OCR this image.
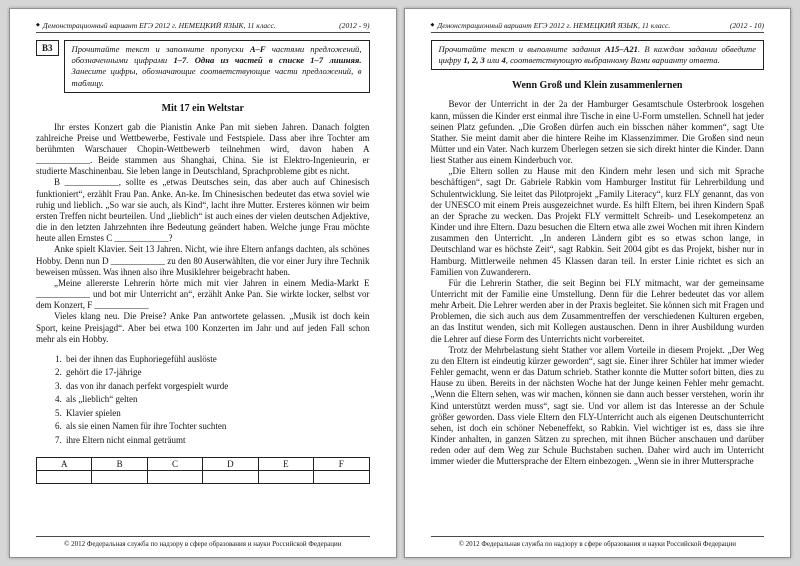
◆ Демонстрационный вариант ЕГЭ 2012 г. НЕМЕЦКИЙ ЯЗЫК, 11 класс.	(2012 - 9)
В3	Прочитайте текст и заполните пропуски A–F частями предложений, обозначенными цифрами 1–7. Одна из частей в списке 1–7 лишняя. Занесите цифры, обозначающие соответствующие части предложений, в таблицу.
Mit 17 ein Weltstar

Ihr erstes Konzert gab die Pianistin Anke Pan mit sieben Jahren. Danach folgten zahlreiche Preise und Wettbewerbe, Festivale und Festspiele. Dass aber ihre Tochter am berühmten Warschauer Chopin-Wettbewerb teilnehmen wird, davon haben A ____________. Beide stammen aus Shanghai, China. Sie ist Elektro-Ingenieurin, er studierte Maschinenbau. Sie leben lange in Deutschland, Sprachprobleme gibt es nicht.

B ____________, sollte es „etwas Deutsches sein, das aber auch auf Chinesisch funktioniert“, erzählt Frau Pan. Anke. An-ke. Im Chinesischen bedeutet das etwa soviel wie ruhig und lieblich. „So war sie auch, als Kind“, lacht ihre Mutter. Ersteres können wir beim ersten Treffen nicht beurteilen. Und „lieblich“ ist auch eines der vielen deutschen Adjektive, die in den letzten Jahrzehnten ihre Bedeutung geändert haben. Welche junge Frau möchte heute allen Ernstes C ____________?

Anke spielt Klavier. Seit 13 Jahren. Nicht, wie ihre Eltern anfangs dachten, als schönes Hobby. Denn nun D ____________ zu den 80 Auserwählten, die vor einer Jury ihre Technik beweisen müssen. Was ihnen also ihre Musiklehrer beigebracht haben.

„Meine allererste Lehrerin hörte mich mit vier Jahren in einem Media-Markt E ____________ und bot mir Unterricht an“, erzählt Anke Pan. Sie wirkte locker, selbst vor dem Konzert, F ____________

Vieles klang neu. Die Preise? Anke Pan antwortete gelassen. „Musik ist doch kein Sport, keine Preisjagd“. Aber bei etwa 100 Konzerten im Jahr und auf jeden Fall schon mehr als ein Hobby.

1. bei der ihnen das Euphoriegefühl auslöste
2. gehört die 17-jährige
3. das von ihr danach perfekt vorgespielt wurde
4. als „lieblich“ gelten
5. Klavier spielen
6. als sie einen Namen für ihre Tochter suchten
7. ihre Eltern nicht einmal geträumt
A	B	C	D	E	F

© 2012 Федеральная служба по надзору в сфере образования и науки Российской Федерации
◆ Демонстрационный вариант ЕГЭ 2012 г. НЕМЕЦКИЙ ЯЗЫК, 11 класс.	(2012 - 10)
Прочитайте текст и выполните задания А15–А21. В каждом задании обведите цифру 1, 2, 3 или 4, соответствующую выбранному Вами варианту ответа.
Wenn Groß und Klein zusammenlernen

Bevor der Unterricht in der 2a der Hamburger Gesamtschule Osterbrook losgehen kann, müssen die Kinder erst einmal ihre Tische in eine U-Form umstellen. Schnell hat jeder seinen Platz gefunden. „Die Großen dürfen auch ein bisschen näher kommen“, sagt Ute Stather. Sie meint damit aber die hintere Reihe im Klassenzimmer. Die Großen sind neun Mütter und ein Vater. Nach kurzem Überlegen setzen sie sich direkt hinter die Kinder. Dann liest Stather aus einem Kinderbuch vor.

„Die Eltern sollen zu Hause mit den Kindern mehr lesen und sich mit Sprache beschäftigen“, sagt Dr. Gabriele Rabkin vom Hamburger Institut für Lehrerbildung und Schulentwicklung. Sie leitet das Pilotprojekt „Family Literacy“, kurz FLY genannt, das von der UNESCO mit einem Preis ausgezeichnet wurde. Es hilft Eltern, bei ihren Kindern Spaß an der Sprache zu wecken. Das Projekt FLY vermittelt Schreib- und Lesekompetenz an Kinder und ihre Eltern. Dazu besuchen die Eltern etwa alle zwei Wochen mit ihren Kindern zusammen den Unterricht. „In anderen Ländern gibt es so etwas schon lange, in Deutschland war es höchste Zeit“, sagt Rabkin. Seit 2004 gibt es das Projekt, bisher nur in Hamburg. Mittlerweile nehmen 45 Klassen daran teil. In erster Linie richtet es sich an Familien von Zuwanderern.

Für die Lehrerin Stather, die seit Beginn bei FLY mitmacht, war der gemeinsame Unterricht mit der Familie eine Umstellung. Denn für die Lehrer bedeutet das vor allem mehr Arbeit. Die Lehrer werden aber in der Praxis begleitet. Sie können sich mit Fragen und Problemen, die sich auch aus dem Zusammentreffen der verschiedenen Kulturen ergeben, an das Institut wenden, sich mit Kollegen austauschen. Denn in ihrer Ausbildung wurden die Lehrer auf diese Form des Unterrichts nicht vorbereitet.

Trotz der Mehrbelastung sieht Stather vor allem Vorteile in diesem Projekt. „Der Weg zu den Eltern ist eindeutig kürzer geworden“, sagt sie. Einer ihrer Schüler hat immer wieder Fehler gemacht, wenn er das Datum schrieb. Stather konnte die Mutter sofort bitten, dies zu Hause zu üben. Bereits in der nächsten Woche hat der Junge keinen Fehler mehr gemacht. „Wenn die Eltern sehen, was wir machen, können sie dann auch besser verstehen, worin ihr Kind unterstützt werden muss“, sagt sie. Und vor allem ist das Interesse an der Schule größer geworden. Dass viele Eltern den FLY-Unterricht auch als eigenen Deutschunterricht sehen, ist doch ein schöner Nebeneffekt, so Rabkin. Viel wichtiger ist es, dass sie ihre Kinder anhalten, in ganzen Sätzen zu sprechen, mit ihnen Bücher anschauen und darüber reden oder auf dem Weg zur Schule Buchstaben suchen. Daher wird auch im Unterricht immer wieder die Muttersprache der Eltern einbezogen. „Wenn sie in ihrer Muttersprache

© 2012 Федеральная служба по надзору в сфере образования и науки Российской Федерации
